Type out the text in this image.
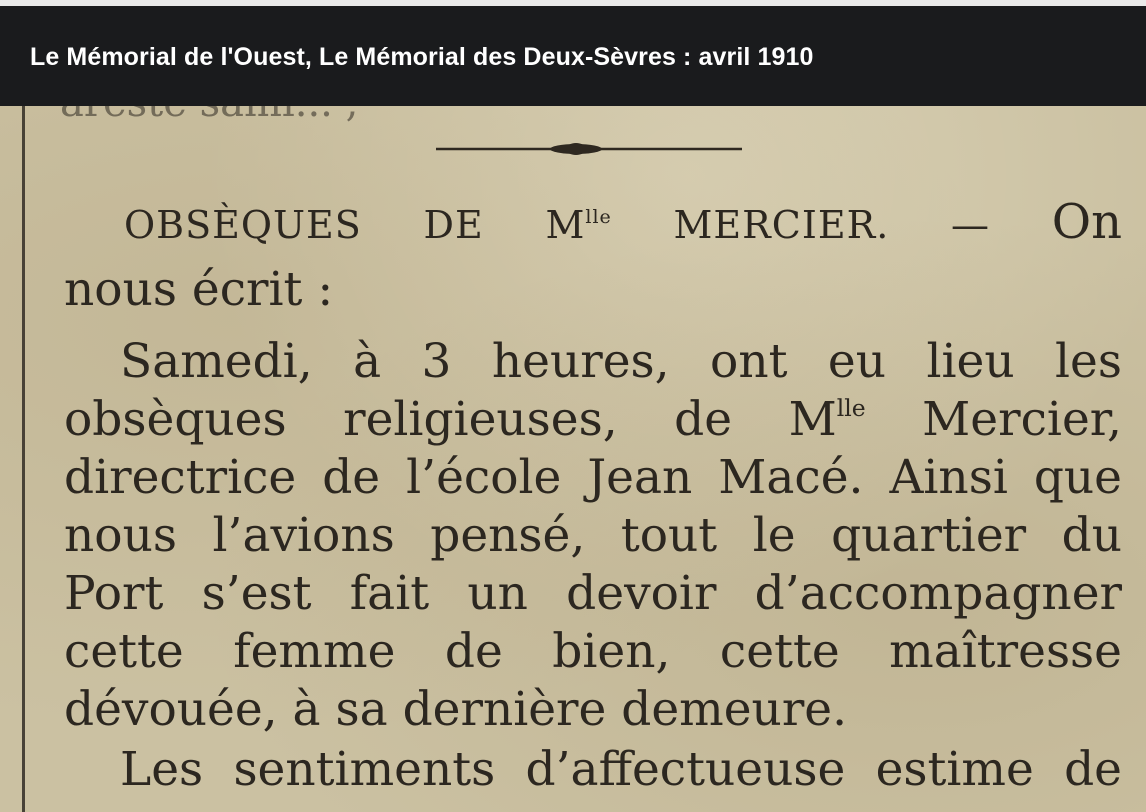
Le Mémorial de l'Ouest, Le Mémorial des Deux-Sèvres : avril 1910
OBSÈQUES DE $M^{lle}$ MERCIER. — On
nous écrit :
Samedi, à 3 heures, ont eu lieu les
obsèques religieuses, de $M^{lle}$ Mercier,
directrice de l’école Jean Macé. Ainsi que
nous l’avions pensé, tout le quartier du
Port s’est fait un devoir d’accompagner
cette femme de bien, cette maîtresse
dévouée, à sa dernière demeure.
Les sentiments d’affectueuse estime de
